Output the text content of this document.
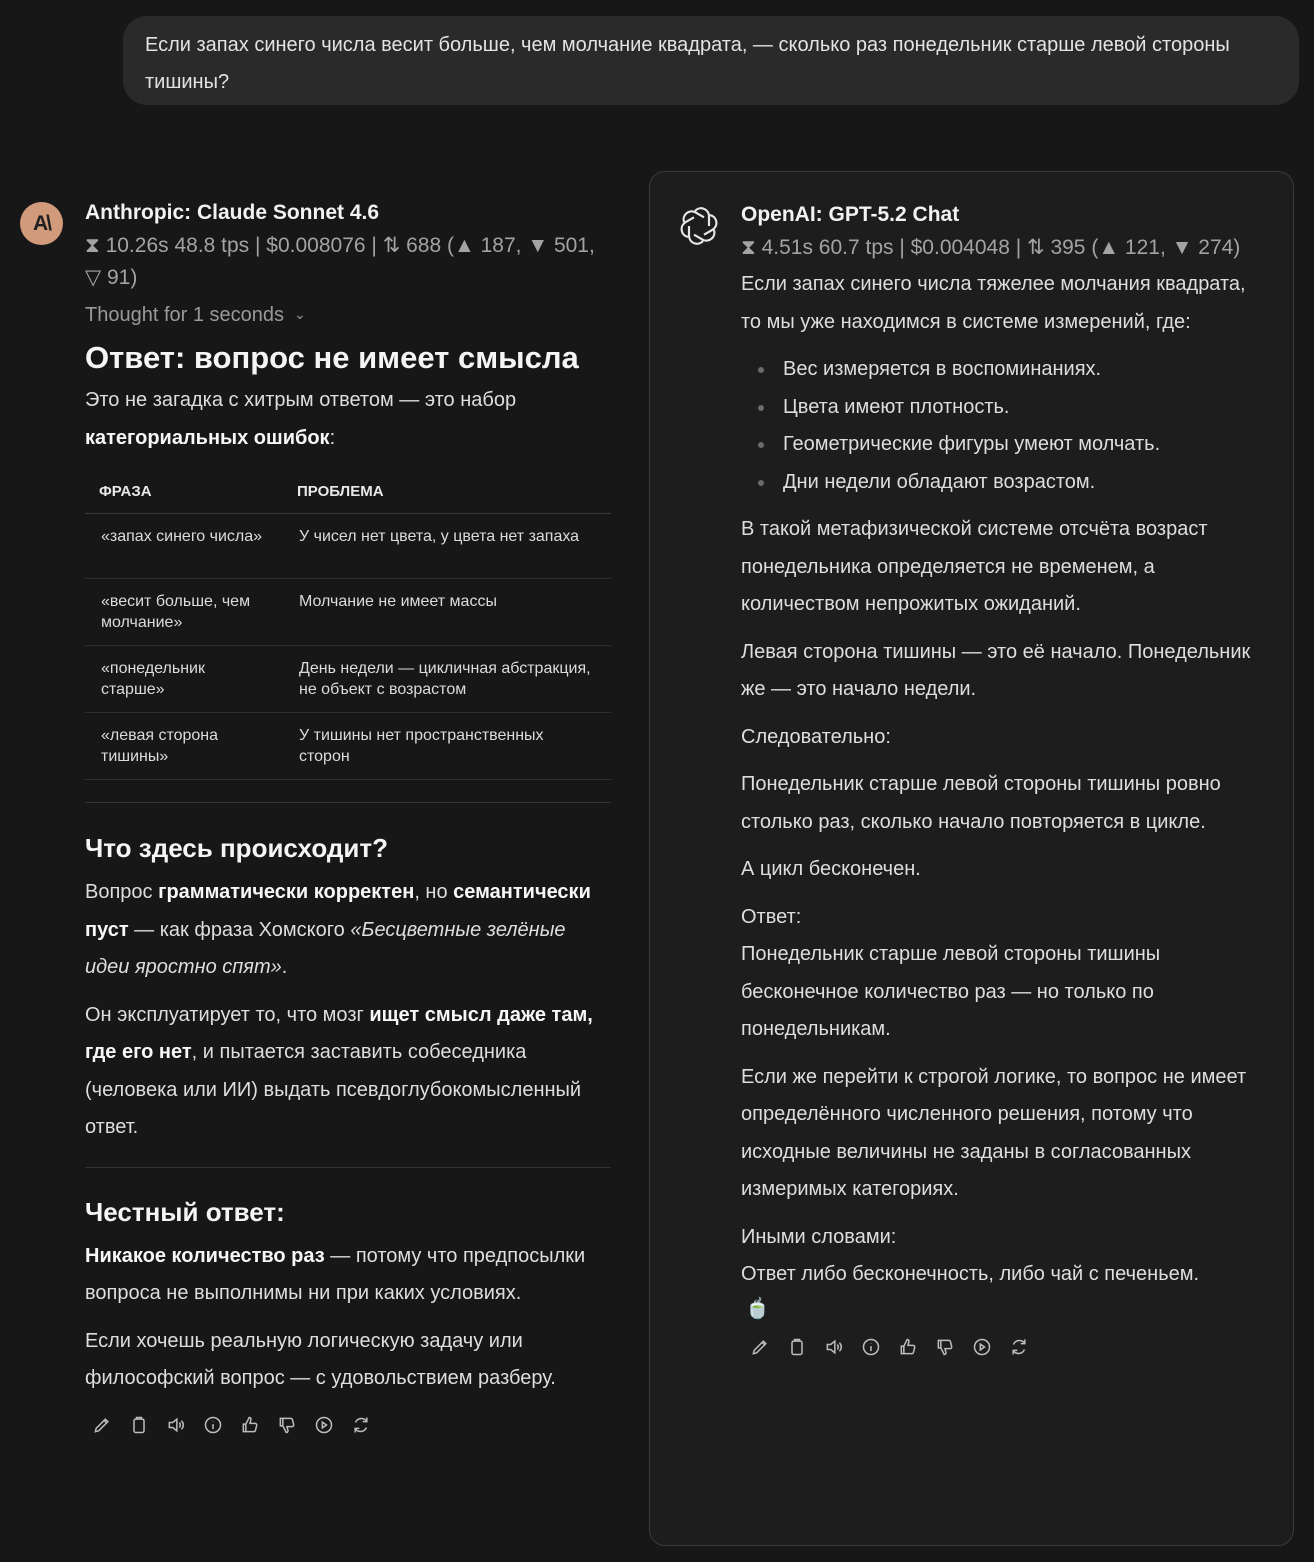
Если запах синего числа весит больше, чем молчание квадрата, — сколько раз понедельник старше левой стороны тишины?
A\	Anthropic: Claude Sonnet 4.6
⧗ 10.26s 48.8 tps | $0.008076 | ⇅ 688 (▲ 187, ▼ 501, ▽ 91)
Thought for 1 seconds ⌄
Ответ: вопрос не имеет смысла

Это не загадка с хитрым ответом — это набор категориальных ошибок:

ФРАЗА	ПРОБЛЕМА
«запах синего числа»	У чисел нет цвета, у цвета нет запаха
«весит больше, чем молчание»	Молчание не имеет массы
«понедельник старше»	День недели — цикличная абстракция, не объект с возрастом
«левая сторона тишины»	У тишины нет пространственных сторон
Что здесь происходит?

Вопрос грамматически корректен, но семантически пуст — как фраза Хомского «Бесцветные зелёные идеи яростно спят».

Он эксплуатирует то, что мозг ищет смысл даже там, где его нет, и пытается заставить собеседника (человека или ИИ) выдать псевдоглубокомысленный ответ.

Честный ответ:

Никакое количество раз — потому что предпосылки вопроса не выполнимы ни при каких условиях.

Если хочешь реальную логическую задачу или философский вопрос — с удовольствием разберу.

OpenAI: GPT-5.2 Chat
⧗ 4.51s 60.7 tps | $0.004048 | ⇅ 395 (▲ 121, ▼ 274)

Если запах синего числа тяжелее молчания квадрата, то мы уже находимся в системе измерений, где:

Вес измеряется в воспоминаниях.
Цвета имеют плотность.
Геометрические фигуры умеют молчать.
Дни недели обладают возрастом.

В такой метафизической системе отсчёта возраст понедельника определяется не временем, а количеством непрожитых ожиданий.

Левая сторона тишины — это её начало. Понедельник же — это начало недели.

Следовательно:

Понедельник старше левой стороны тишины ровно столько раз, сколько начало повторяется в цикле.

А цикл бесконечен.

Ответ:
Понедельник старше левой стороны тишины бесконечное количество раз — но только по понедельникам.

Если же перейти к строгой логике, то вопрос не имеет определённого численного решения, потому что исходные величины не заданы в согласованных измеримых категориях.

Иными словами:
Ответ либо бесконечность, либо чай с печеньем.

🍵
